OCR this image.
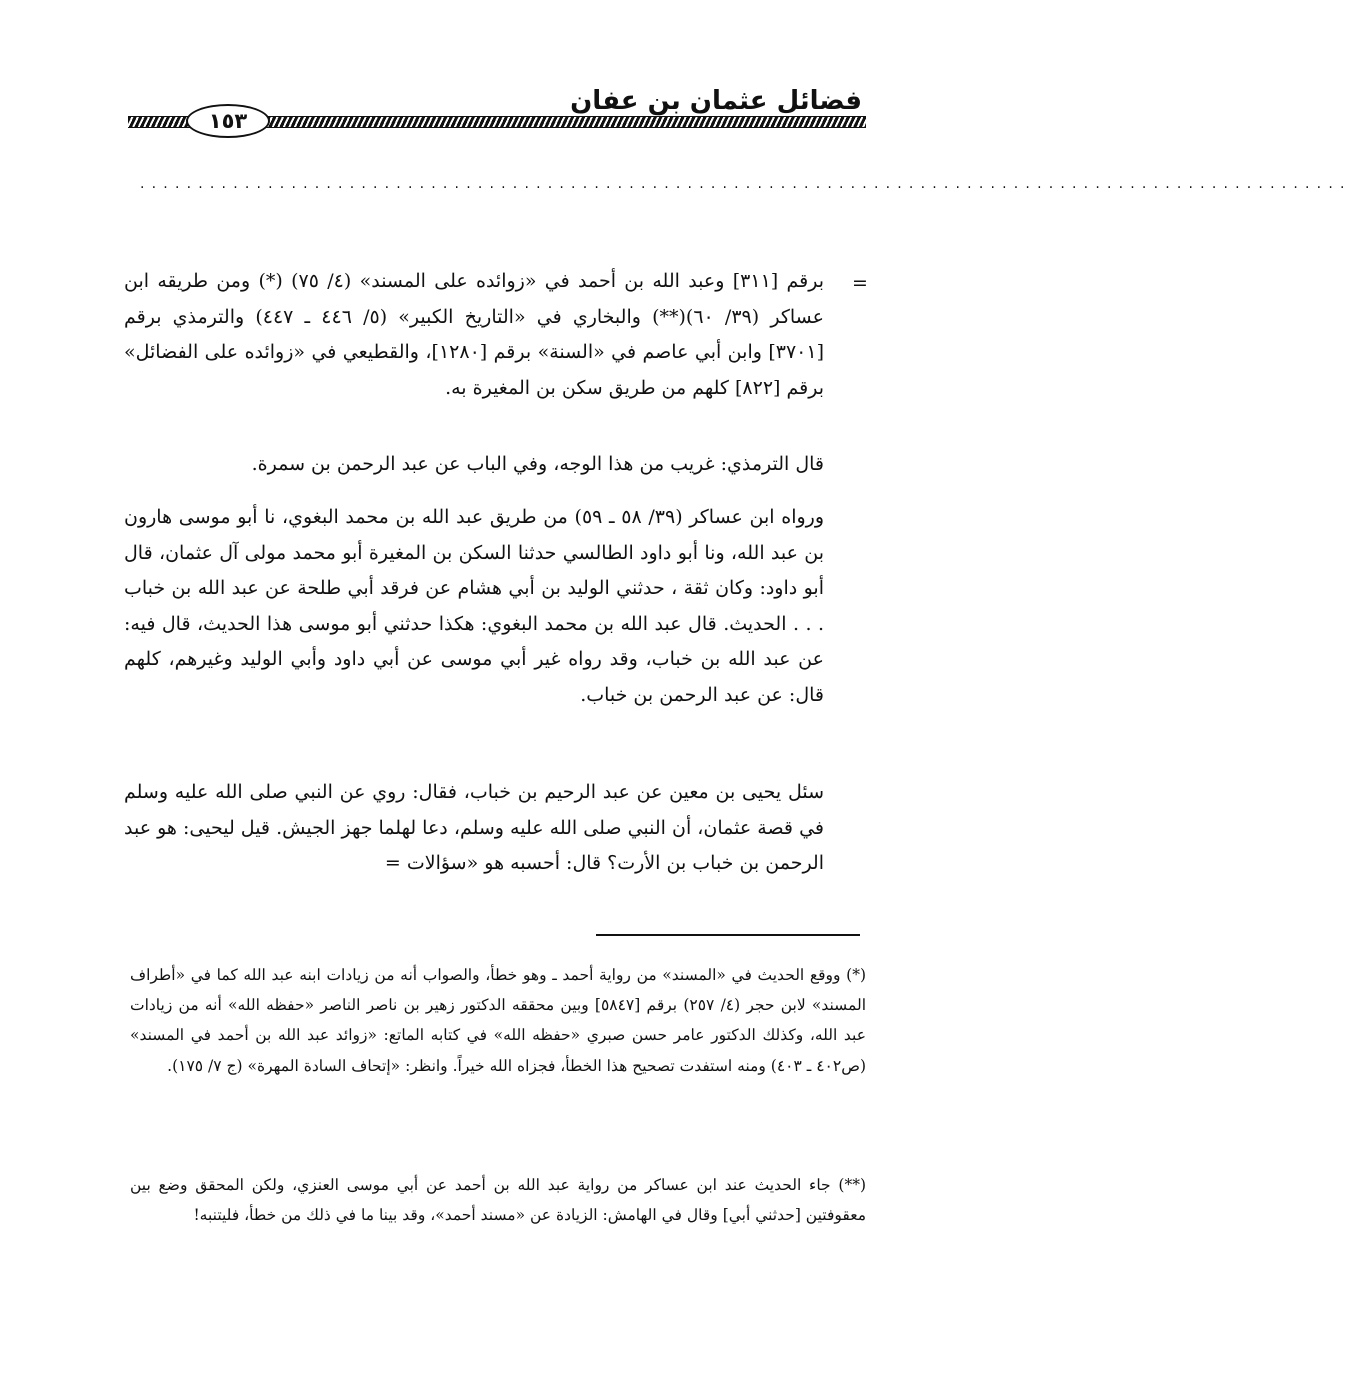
فضائل عثمان بن عفان
١٥٣
........................................................................................................
=

برقم [٣١١] وعبد الله بن أحمد في «زوائده على المسند» (٤/ ٧٥) (*) ومن طريقه ابن عساكر (٣٩/ ٦٠)(**) والبخاري في «التاريخ الكبير» (٥/ ٤٤٦ ـ ٤٤٧) والترمذي برقم [٣٧٠١] وابن أبي عاصم في «السنة» برقم [١٢٨٠]، والقطيعي في «زوائده على الفضائل» برقم [٨٢٢] كلهم من طريق سكن بن المغيرة به.

قال الترمذي: غريب من هذا الوجه، وفي الباب عن عبد الرحمن بن سمرة.

ورواه ابن عساكر (٣٩/ ٥٨ ـ ٥٩) من طريق عبد الله بن محمد البغوي، نا أبو موسى هارون بن عبد الله، ونا أبو داود الطالسي حدثنا السكن بن المغيرة أبو محمد مولى آل عثمان، قال أبو داود: وكان ثقة ، حدثني الوليد بن أبي هشام عن فرقد أبي طلحة عن عبد الله بن خباب . . . الحديث. قال عبد الله بن محمد البغوي: هكذا حدثني أبو موسى هذا الحديث، قال فيه: عن عبد الله بن خباب، وقد رواه غير أبي موسى عن أبي داود وأبي الوليد وغيرهم، كلهم قال: عن عبد الرحمن بن خباب.

سئل يحيى بن معين عن عبد الرحيم بن خباب، فقال: روي عن النبي صلى الله عليه وسلم في قصة عثمان، أن النبي صلى الله عليه وسلم، دعا لهلما جهز الجيش. قيل ليحيى: هو عبد الرحمن بن خباب بن الأرت؟ قال: أحسبه هو «سؤالات =

(*) ووقع الحديث في «المسند» من رواية أحمد ـ وهو خطأ، والصواب أنه من زيادات ابنه عبد الله كما في «أطراف المسند» لابن حجر (٤/ ٢٥٧) برقم [٥٨٤٧] وبين محققه الدكتور زهير بن ناصر الناصر «حفظه الله» أنه من زيادات عبد الله، وكذلك الدكتور عامر حسن صبري «حفظه الله» في كتابه الماتع: «زوائد عبد الله بن أحمد في المسند» (ص٤٠٢ ـ ٤٠٣) ومنه استفدت تصحيح هذا الخطأ، فجزاه الله خيراً. وانظر: «إتحاف السادة المهرة» (ج ٧/ ١٧٥).
(**) جاء الحديث عند ابن عساكر من رواية عبد الله بن أحمد عن أبي موسى العنزي، ولكن المحقق وضع بين معقوفتين [حدثني أبي] وقال في الهامش: الزيادة عن «مسند أحمد»، وقد بينا ما في ذلك من خطأ، فليتنبه!
